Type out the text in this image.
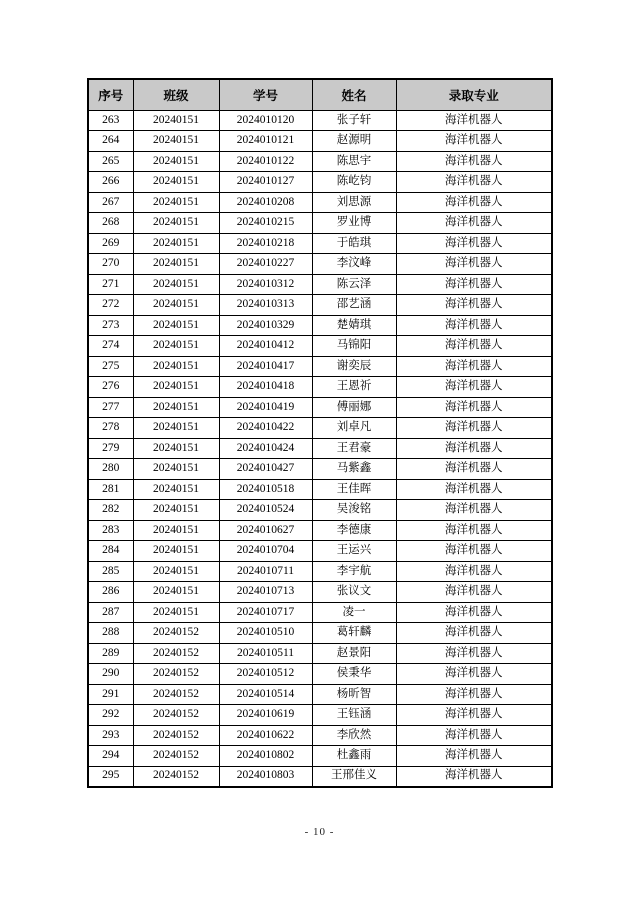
序号	班级	学号	姓名	录取专业
263	20240151	2024010120	张子轩	海洋机器人
264	20240151	2024010121	赵源明	海洋机器人
265	20240151	2024010122	陈思宇	海洋机器人
266	20240151	2024010127	陈屹钧	海洋机器人
267	20240151	2024010208	刘思源	海洋机器人
268	20240151	2024010215	罗业博	海洋机器人
269	20240151	2024010218	于皓琪	海洋机器人
270	20240151	2024010227	李汶峰	海洋机器人
271	20240151	2024010312	陈云泽	海洋机器人
272	20240151	2024010313	邵艺涵	海洋机器人
273	20240151	2024010329	楚婧琪	海洋机器人
274	20240151	2024010412	马锦阳	海洋机器人
275	20240151	2024010417	谢奕辰	海洋机器人
276	20240151	2024010418	王恩祈	海洋机器人
277	20240151	2024010419	傅丽娜	海洋机器人
278	20240151	2024010422	刘卓凡	海洋机器人
279	20240151	2024010424	王君豪	海洋机器人
280	20240151	2024010427	马紫鑫	海洋机器人
281	20240151	2024010518	王佳晖	海洋机器人
282	20240151	2024010524	吴浚铭	海洋机器人
283	20240151	2024010627	李德康	海洋机器人
284	20240151	2024010704	王运兴	海洋机器人
285	20240151	2024010711	李宇航	海洋机器人
286	20240151	2024010713	张议文	海洋机器人
287	20240151	2024010717	凌一	海洋机器人
288	20240152	2024010510	葛轩麟	海洋机器人
289	20240152	2024010511	赵景阳	海洋机器人
290	20240152	2024010512	侯秉华	海洋机器人
291	20240152	2024010514	杨昕智	海洋机器人
292	20240152	2024010619	王钰涵	海洋机器人
293	20240152	2024010622	李欣然	海洋机器人
294	20240152	2024010802	杜鑫雨	海洋机器人
295	20240152	2024010803	王邢佳义	海洋机器人
- 10 -
